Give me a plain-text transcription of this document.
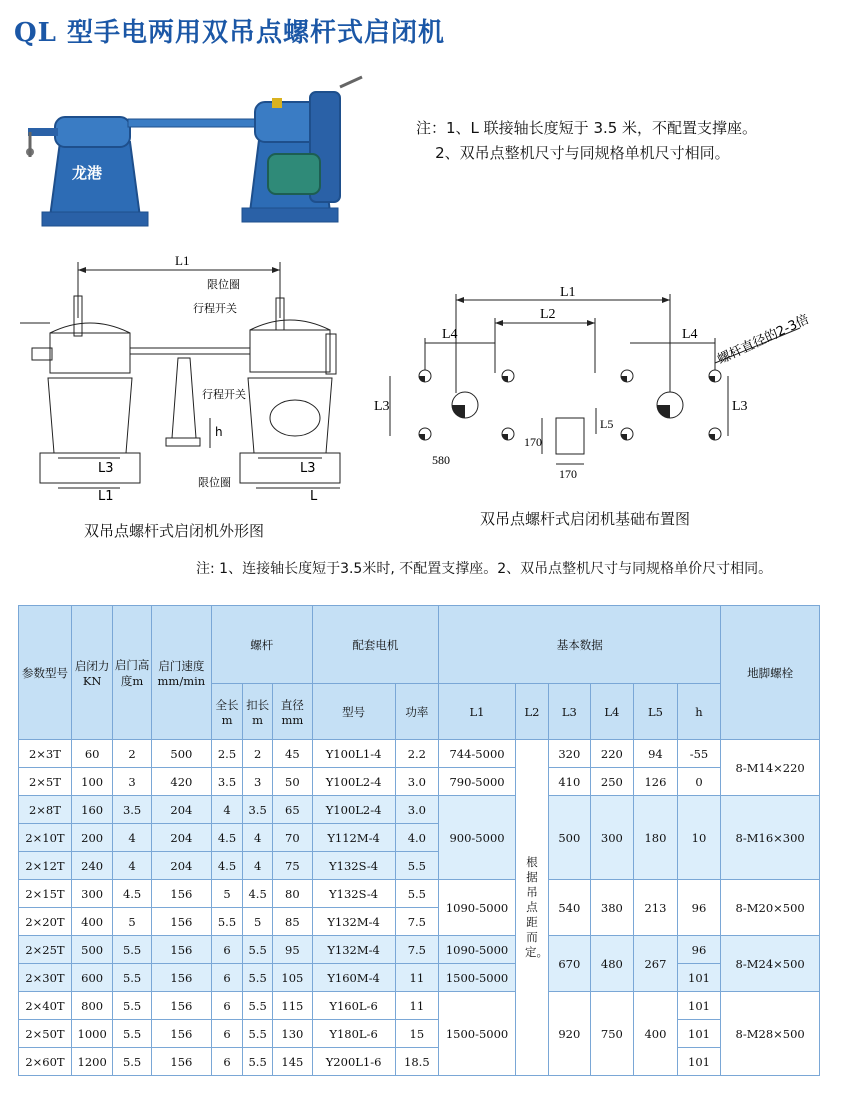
QL 型手电两用双吊点螺杆式启闭机
龙港
注：1、L 联接轴长度短于 3.5 米，不配置支撑座。
2、双吊点整机尺寸与同规格单机尺寸相同。
L1
限位圈
行程开关
行程开关
h
限位圈
L3
L1
L3
L
双吊点螺杆式启闭机外形图
L1
L2
L4	L4
L3	L3
L5
580
170
170
螺杆直径的2-3倍
双吊点螺杆式启闭机基础布置图
注: 1、连接轴长度短于3.5米时, 不配置支撑座。2、双吊点整机尺寸与同规格单价尺寸相同。
参数型号	启闭力KN	启门高度m	启门速度mm/min	螺杆			配套电机		基本数据						地脚螺栓
				全长m	扣长m	直径mm	型号	功率	L1	L2	L3	L4	L5	h	
2×3T	60	2	500	2.5	2	45	Y100L1-4	2.2	744-5000	根据吊点距而定。	320	220	94	-55	8-M14×220
2×5T	100	3	420	3.5	3	50	Y100L2-4	3.0	790-5000		410	250	126	0	
2×8T	160	3.5	204	4	3.5	65	Y100L2-4	3.0	900-5000		500	300	180	10	8-M16×300
2×10T	200	4	204	4.5	4	70	Y112M-4	4.0							
2×12T	240	4	204	4.5	4	75	Y132S-4	5.5							
2×15T	300	4.5	156	5	4.5	80	Y132S-4	5.5	1090-5000		540	380	213	96	8-M20×500
2×20T	400	5	156	5.5	5	85	Y132M-4	7.5							
2×25T	500	5.5	156	6	5.5	95	Y132M-4	7.5	1090-5000		670	480	267	96	8-M24×500
2×30T	600	5.5	156	6	5.5	105	Y160M-4	11	1500-5000					101	
2×40T	800	5.5	156	6	5.5	115	Y160L-6	11	1500-5000		920	750	400	101	8-M28×500
2×50T	1000	5.5	156	6	5.5	130	Y180L-6	15						101	
2×60T	1200	5.5	156	6	5.5	145	Y200L1-6	18.5						101	
